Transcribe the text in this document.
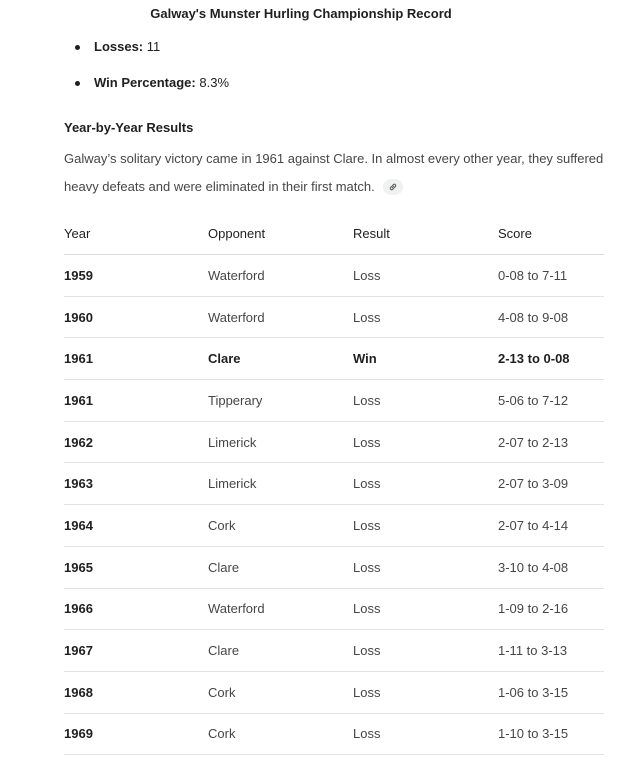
Galway's Munster Hurling Championship Record
Losses: 11
Win Percentage: 8.3%
Year-by-Year Results
Galway’s solitary victory came in 1961 against Clare. In almost every other year, they suffered heavy defeats and were eliminated in their first match.
Year	Opponent	Result	Score
1959	Waterford	Loss	0-08 to 7-11
1960	Waterford	Loss	4-08 to 9-08
1961	Clare	Win	2-13 to 0-08
1961	Tipperary	Loss	5-06 to 7-12
1962	Limerick	Loss	2-07 to 2-13
1963	Limerick	Loss	2-07 to 3-09
1964	Cork	Loss	2-07 to 4-14
1965	Clare	Loss	3-10 to 4-08
1966	Waterford	Loss	1-09 to 2-16
1967	Clare	Loss	1-11 to 3-13
1968	Cork	Loss	1-06 to 3-15
1969	Cork	Loss	1-10 to 3-15
